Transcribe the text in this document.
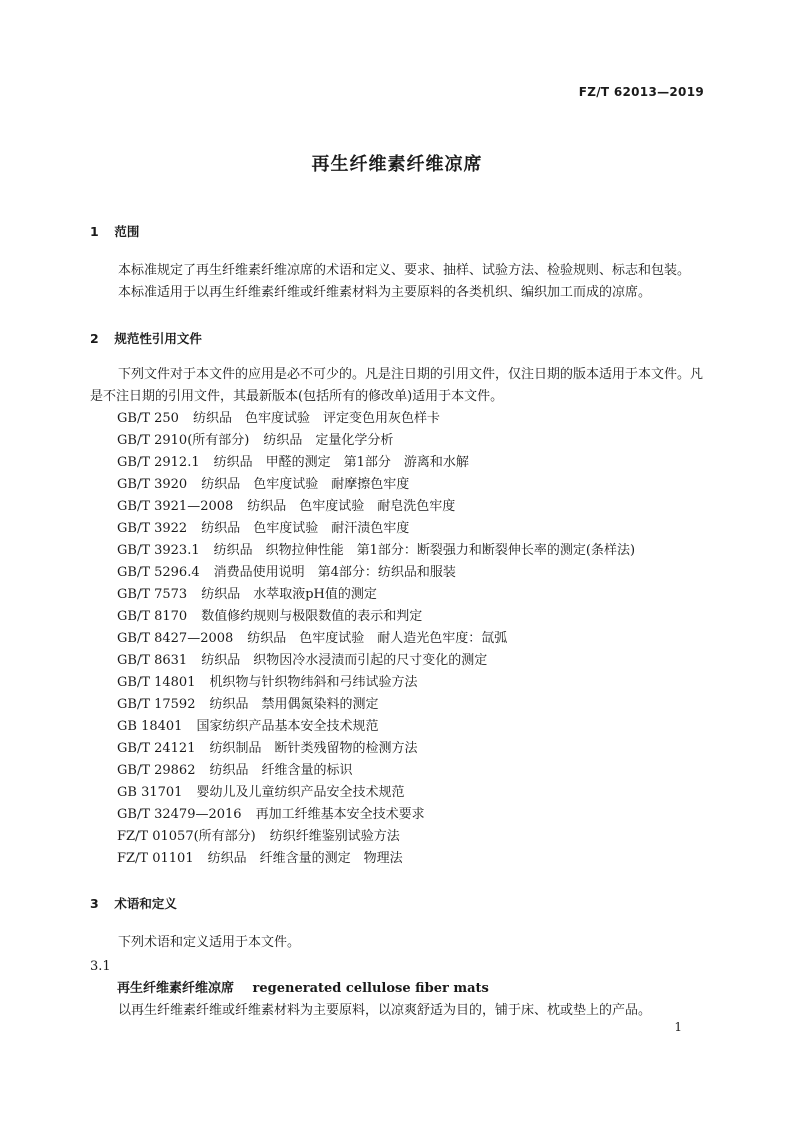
FZ/T 62013—2019
再生纤维素纤维凉席
1 范围
本标准规定了再生纤维素纤维凉席的术语和定义、要求、抽样、试验方法、检验规则、标志和包装。
本标准适用于以再生纤维素纤维或纤维素材料为主要原料的各类机织、编织加工而成的凉席。
2 规范性引用文件
下列文件对于本文件的应用是必不可少的。凡是注日期的引用文件，仅注日期的版本适用于本文件。凡是不注日期的引用文件，其最新版本(包括所有的修改单)适用于本文件。
GB/T 250 纺织品　色牢度试验　评定变色用灰色样卡
GB/T 2910(所有部分) 纺织品　定量化学分析
GB/T 2912.1 纺织品　甲醛的测定　第1部分　游离和水解
GB/T 3920 纺织品　色牢度试验　耐摩擦色牢度
GB/T 3921—2008 纺织品　色牢度试验　耐皂洗色牢度
GB/T 3922 纺织品　色牢度试验　耐汗渍色牢度
GB/T 3923.1 纺织品　织物拉伸性能　第1部分：断裂强力和断裂伸长率的测定(条样法)
GB/T 5296.4 消费品使用说明　第4部分：纺织品和服装
GB/T 7573 纺织品　水萃取液pH值的测定
GB/T 8170 数值修约规则与极限数值的表示和判定
GB/T 8427—2008 纺织品　色牢度试验　耐人造光色牢度：氙弧
GB/T 8631 纺织品　织物因冷水浸渍而引起的尺寸变化的测定
GB/T 14801 机织物与针织物纬斜和弓纬试验方法
GB/T 17592 纺织品　禁用偶氮染料的测定
GB 18401 国家纺织产品基本安全技术规范
GB/T 24121 纺织制品　断针类残留物的检测方法
GB/T 29862 纺织品　纤维含量的标识
GB 31701 婴幼儿及儿童纺织产品安全技术规范
GB/T 32479—2016 再加工纤维基本安全技术要求
FZ/T 01057(所有部分) 纺织纤维鉴别试验方法
FZ/T 01101 纺织品　纤维含量的测定　物理法
3 术语和定义
下列术语和定义适用于本文件。
3.1
再生纤维素纤维凉席 regenerated cellulose fiber mats
以再生纤维素纤维或纤维素材料为主要原料，以凉爽舒适为目的，铺于床、枕或垫上的产品。
1
